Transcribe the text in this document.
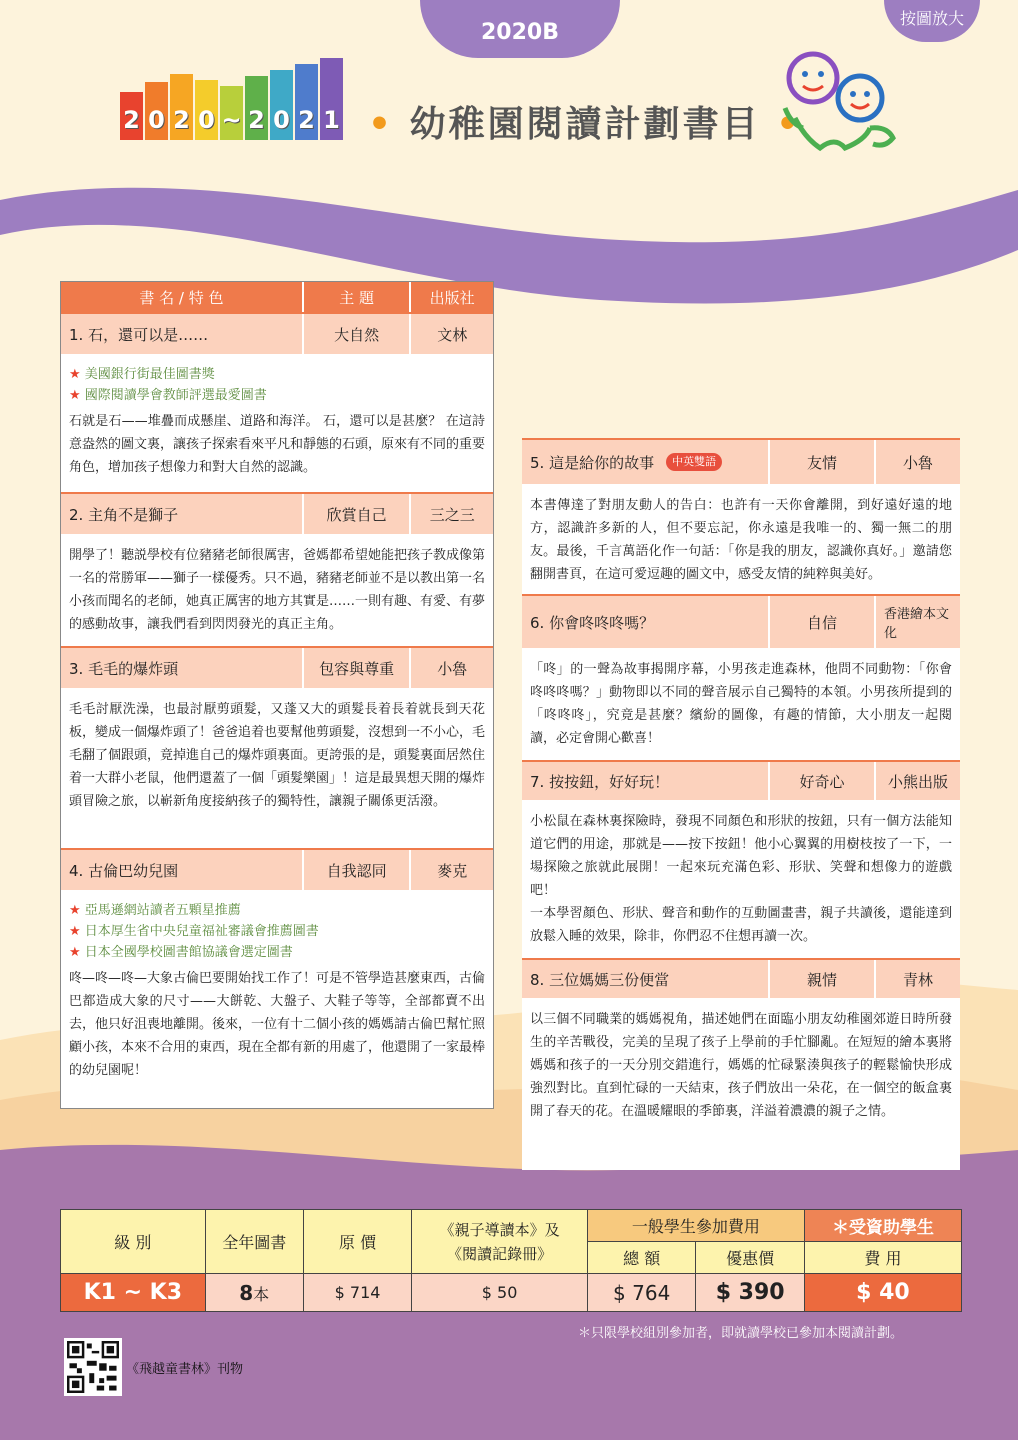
2020B
按圖放大
2 0 2 0 ~ 2 0 2 1 • 幼稚園閱讀計劃書目 •
書 名 / 特 色	主 題	出版社
1. 石，還可以是……	大自然	文林
★ 美國銀行街最佳圖書獎
★ 國際閱讀學會教師評選最愛圖書
石就是石——堆疊而成懸崖、道路和海洋。 石，還可以是甚麼？ 在這詩意盎然的圖文裏，讓孩子探索看來平凡和靜態的石頭，原來有不同的重要角色，增加孩子想像力和對大自然的認識。
2. 主角不是獅子	欣賞自己	三之三
開學了！聽説學校有位豬豬老師很厲害，爸媽都希望她能把孩子教成像第一名的常勝軍——獅子一樣優秀。只不過，豬豬老師並不是以教出第一名小孩而聞名的老師，她真正厲害的地方其實是……一則有趣、有愛、有夢的感動故事，讓我們看到閃閃發光的真正主角。
3. 毛毛的爆炸頭	包容與尊重	小魯
毛毛討厭洗澡，也最討厭剪頭髮，又蓬又大的頭髮長着長着就長到天花板，變成一個爆炸頭了！爸爸追着也要幫他剪頭髮，沒想到一不小心，毛毛翻了個跟頭，竟掉進自己的爆炸頭裏面。更誇張的是，頭髮裏面居然住着一大群小老鼠，他們還蓋了一個「頭髮樂園」！這是最異想天開的爆炸頭冒險之旅，以嶄新角度接納孩子的獨特性，讓親子關係更活潑。
4. 古倫巴幼兒園	自我認同	麥克
★ 亞馬遜網站讀者五顆星推薦
★ 日本厚生省中央兒童福祉審議會推薦圖書
★ 日本全國學校圖書館協議會選定圖書
咚—咚—咚—大象古倫巴要開始找工作了！可是不管學造甚麼東西，古倫巴都造成大象的尺寸——大餅乾、大盤子、大鞋子等等，全部都賣不出去，他只好沮喪地離開。後來，一位有十二個小孩的媽媽請古倫巴幫忙照顧小孩，本來不合用的東西，現在全都有新的用處了，他還開了一家最棒的幼兒園呢！
5. 這是給你的故事	中英雙語	友情	小魯
本書傳達了對朋友動人的告白：也許有一天你會離開，到好遠好遠的地方，認識許多新的人，但不要忘記，你永遠是我唯一的、獨一無二的朋友。最後，千言萬語化作一句話：「你是我的朋友，認識你真好。」邀請您翻開書頁，在這可愛逗趣的圖文中，感受友情的純粹與美好。
6. 你會咚咚咚嗎？	自信	香港繪本文化
「咚」的一聲為故事揭開序幕，小男孩走進森林，他問不同動物：「你會咚咚咚嗎？」動物即以不同的聲音展示自己獨特的本領。小男孩所提到的「咚咚咚」，究竟是甚麼？繽紛的圖像，有趣的情節，大小朋友一起閱讀，必定會開心歡喜！
7. 按按鈕，好好玩！	好奇心	小熊出版
小松鼠在森林裏探險時，發現不同顏色和形狀的按鈕，只有一個方法能知道它們的用途，那就是——按下按鈕！他小心翼翼的用樹枝按了一下，一場探險之旅就此展開！一起來玩充滿色彩、形狀、笑聲和想像力的遊戲吧！
一本學習顏色、形狀、聲音和動作的互動圖畫書，親子共讀後，還能達到放鬆入睡的效果，除非，你們忍不住想再讀一次。
8. 三位媽媽三份便當	親情	青林
以三個不同職業的媽媽視角，描述她們在面臨小朋友幼稚園郊遊日時所發生的辛苦戰役，完美的呈現了孩子上學前的手忙腳亂。在短短的繪本裏將媽媽和孩子的一天分別交錯進行，媽媽的忙碌緊湊與孩子的輕鬆愉快形成強烈對比。直到忙碌的一天結束，孩子們放出一朵花，在一個空的飯盒裏開了春天的花。在溫暖耀眼的季節裏，洋溢着濃濃的親子之情。
級 別	全年圖書	原 價	《親子導讀本》及
《閱讀記錄冊》	一般學生參加費用		＊受資助學生
				總 額	優惠價	費 用
K1 ~ K3	8本	$ 714	$ 50	$ 764	$ 390	$ 40
＊只限學校組別參加者，即就讀學校已參加本閱讀計劃。
《飛越童書林》刊物
